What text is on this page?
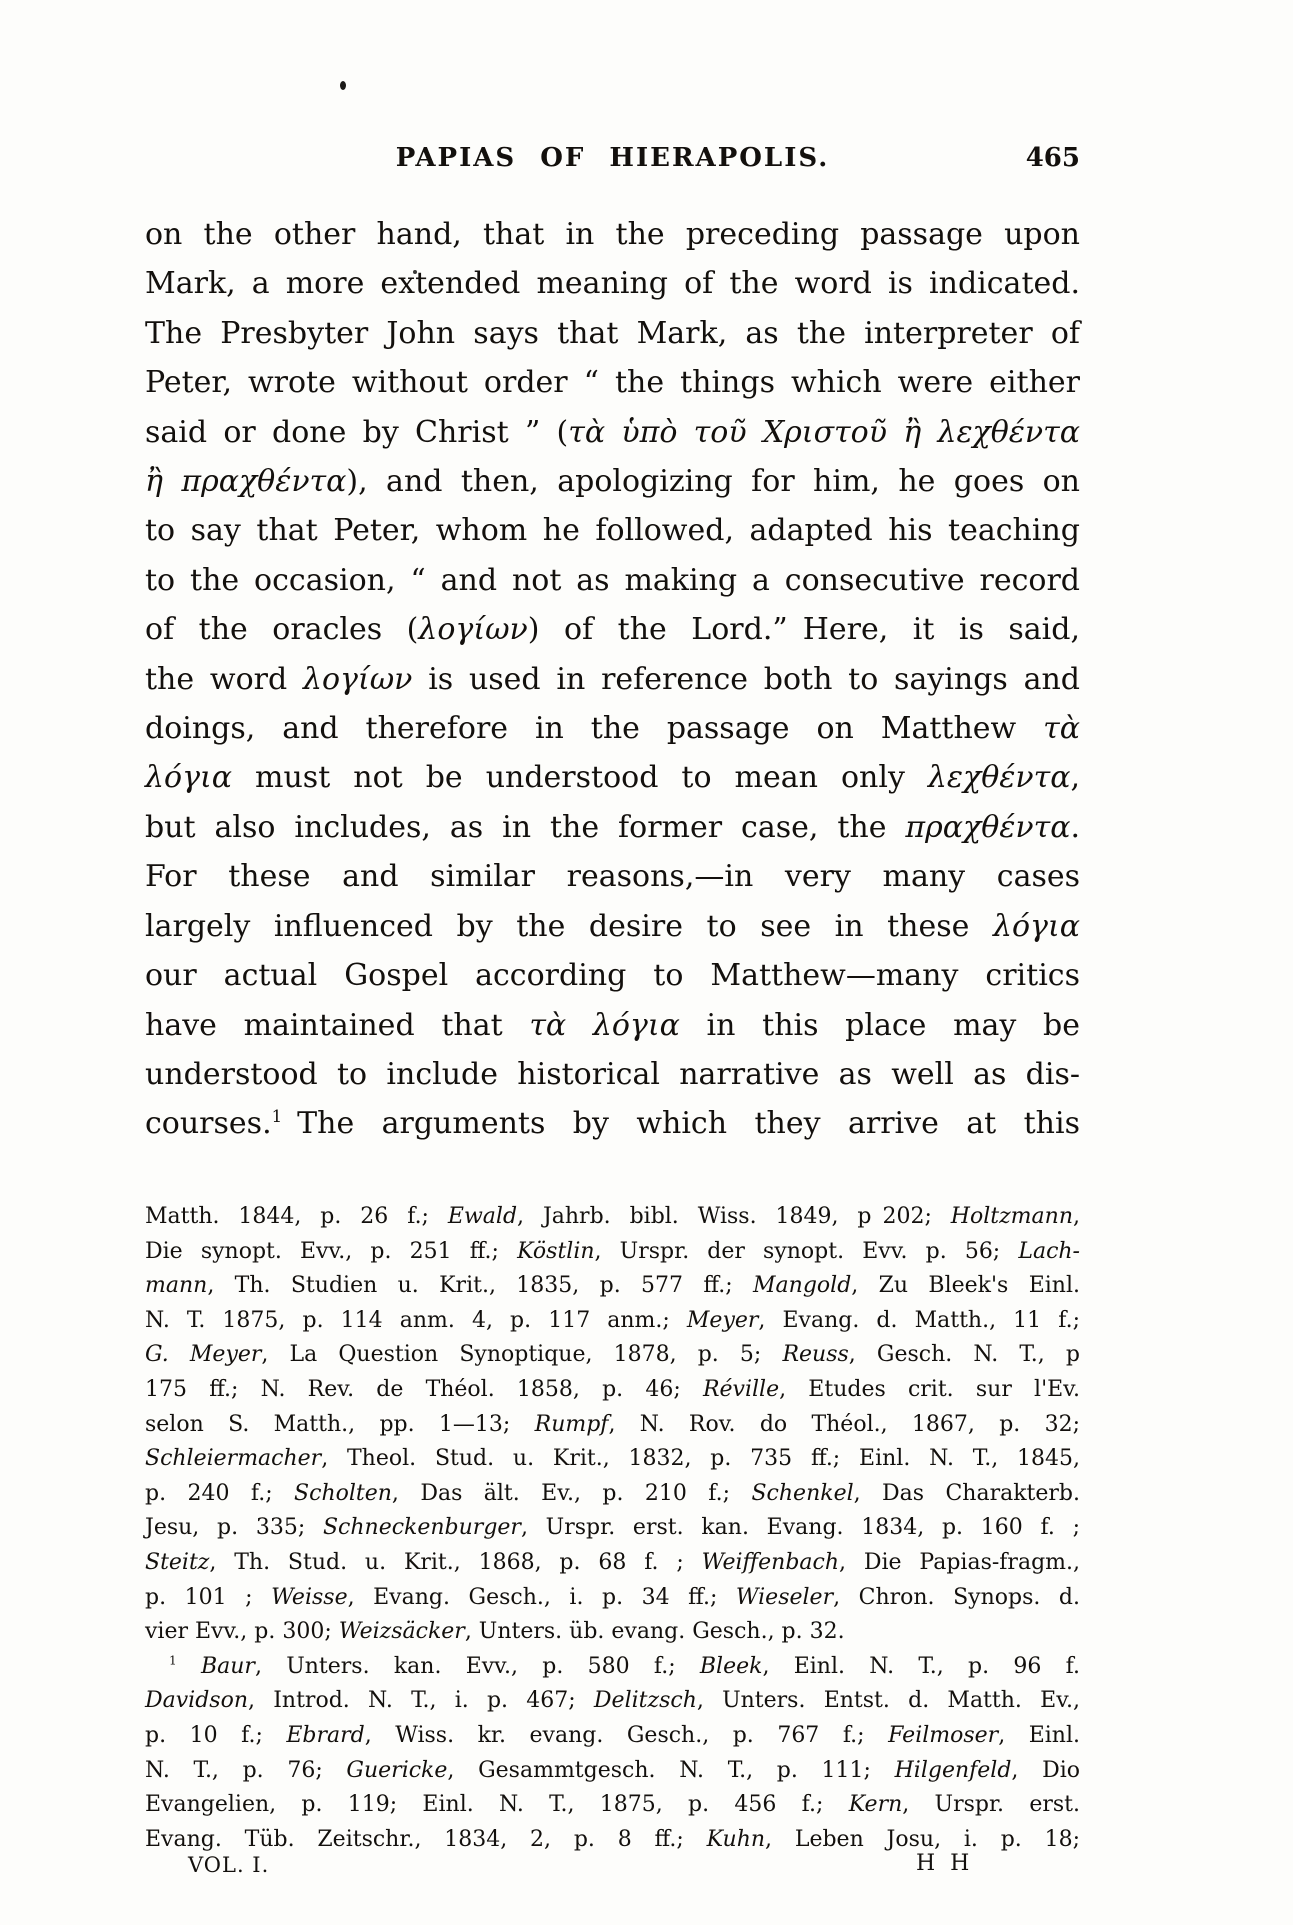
PAPIAS OF HIERAPOLIS.	465
on the other hand, that in the preceding passage upon
Mark, a more extended meaning of the word is indicated.
The Presbyter John says that Mark, as the interpreter of
Peter, wrote without order “ the things which were either
said or done by Christ ” (τὰ ὑπὸ τοῦ Χριστοῦ ἢ λεχθέντα
ἢ πραχθέντα), and then, apologizing for him, he goes on
to say that Peter, whom he followed, adapted his teaching
to the occasion, “ and not as making a consecutive record
of the oracles (λογίων) of the Lord.” Here, it is said,
the word λογίων is used in reference both to sayings and
doings, and therefore in the passage on Matthew τὰ
λόγια must not be understood to mean only λεχθέντα,
but also includes, as in the former case, the πραχθέντα.
For these and similar reasons,—in very many cases
largely influenced by the desire to see in these λόγια
our actual Gospel according to Matthew—many critics
have maintained that τὰ λόγια in this place may be
understood to include historical narrative as well as dis-
courses.$^1$ The arguments by which they arrive at this
Matth. 1844, p. 26 f.; Ewald, Jahrb. bibl. Wiss. 1849, p 202; Holtzmann,
Die synopt. Evv., p. 251 ff.; Köstlin, Urspr. der synopt. Evv. p. 56; Lach-
mann, Th. Studien u. Krit., 1835, p. 577 ff.; Mangold, Zu Bleek's Einl.
N. T. 1875, p. 114 anm. 4, p. 117 anm.; Meyer, Evang. d. Matth., 11 f.;
G. Meyer, La Question Synoptique, 1878, p. 5; Reuss, Gesch. N. T., p
175 ff.; N. Rev. de Théol. 1858, p. 46; Réville, Etudes crit. sur l'Ev.
selon S. Matth., pp. 1—13; Rumpf, N. Rov. do Théol., 1867, p. 32;
Schleiermacher, Theol. Stud. u. Krit., 1832, p. 735 ff.; Einl. N. T., 1845,
p. 240 f.; Scholten, Das ält. Ev., p. 210 f.; Schenkel, Das Charakterb.
Jesu, p. 335; Schneckenburger, Urspr. erst. kan. Evang. 1834, p. 160 f. ;
Steitz, Th. Stud. u. Krit., 1868, p. 68 f. ; Weiffenbach, Die Papias-fragm.,
p. 101 ; Weisse, Evang. Gesch., i. p. 34 ff.; Wieseler, Chron. Synops. d.
vier Evv., p. 300; Weizsäcker, Unters. üb. evang. Gesch., p. 32.
$^1$ Baur, Unters. kan. Evv., p. 580 f.; Bleek, Einl. N. T., p. 96 f.
Davidson, Introd. N. T., i. p. 467; Delitzsch, Unters. Entst. d. Matth. Ev.,
p. 10 f.; Ebrard, Wiss. kr. evang. Gesch., p. 767 f.; Feilmoser, Einl.
N. T., p. 76; Guericke, Gesammtgesch. N. T., p. 111; Hilgenfeld, Dio
Evangelien, p. 119; Einl. N. T., 1875, p. 456 f.; Kern, Urspr. erst.
Evang. Tüb. Zeitschr., 1834, 2, p. 8 ff.; Kuhn, Leben Josu, i. p. 18;
VOL. I.	H H
